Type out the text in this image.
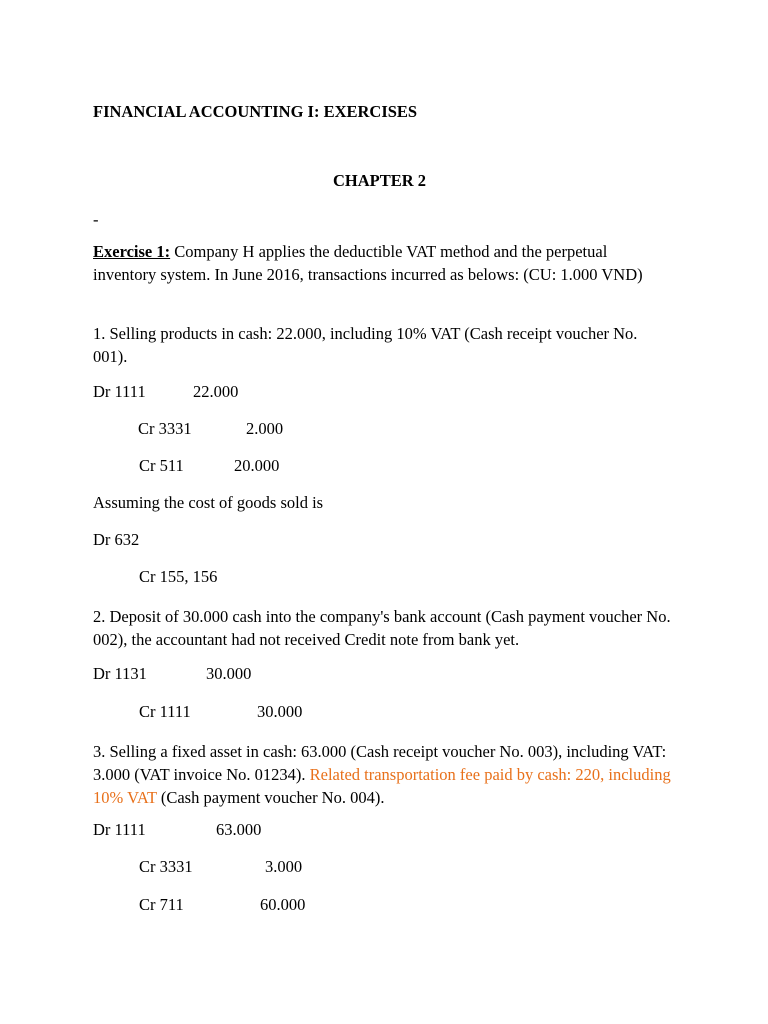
FINANCIAL ACCOUNTING I: EXERCISES
CHAPTER 2
-
Exercise 1: Company H applies the deductible VAT method and the perpetual inventory system. In June 2016, transactions incurred as belows: (CU: 1.000 VND)
1. Selling products in cash: 22.000, including 10% VAT (Cash receipt voucher No. 001).
Dr 1111	22.000
Cr 3331	2.000
Cr 511	20.000
Assuming the cost of goods sold is
Dr 632
Cr 155, 156
2. Deposit of 30.000 cash into the company's bank account (Cash payment voucher No. 002), the accountant had not received Credit note from bank yet.
Dr 1131	30.000
Cr 1111	30.000
3. Selling a fixed asset in cash: 63.000 (Cash receipt voucher No. 003), including VAT: 3.000 (VAT invoice No. 01234). Related transportation fee paid by cash: 220, including 10% VAT (Cash payment voucher No. 004).
Dr 1111	63.000
Cr 3331	3.000
Cr 711	60.000
